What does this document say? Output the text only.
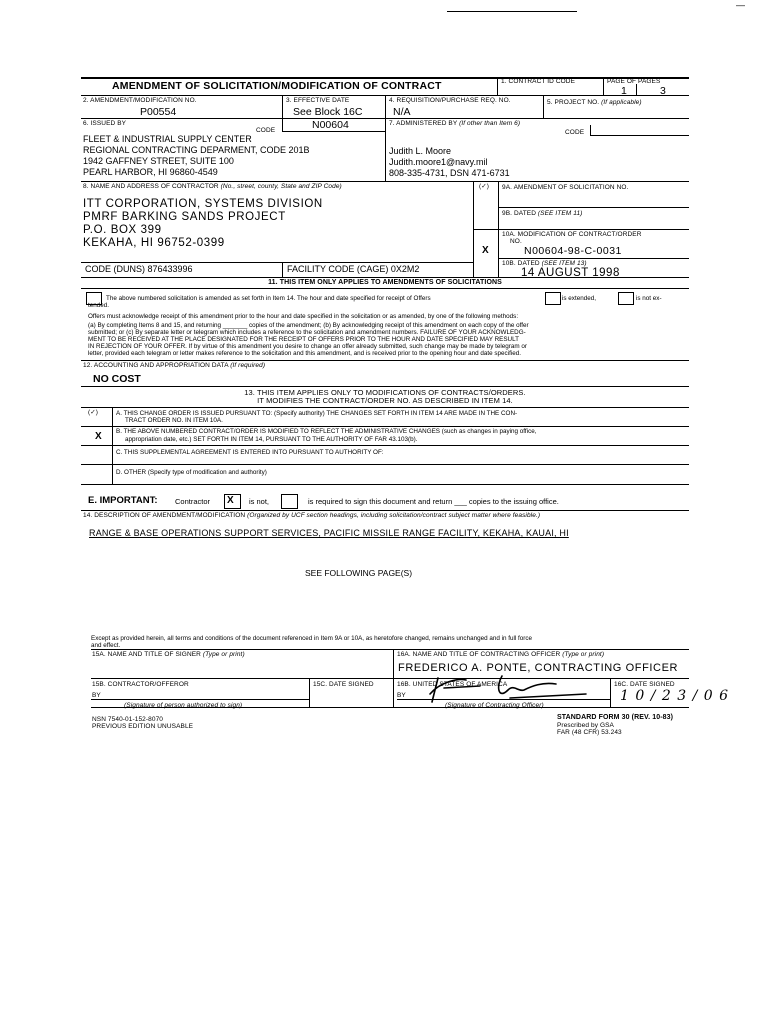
—
AMENDMENT OF SOLICITATION/MODIFICATION OF CONTRACT	1. CONTRACT ID CODE	PAGE OF PAGES
1	3
2. AMENDMENT/MODIFICATION NO.
P00554
3. EFFECTIVE DATE
See Block 16C
4. REQUISITION/PURCHASE REQ. NO.
N/A
5. PROJECT NO. (If applicable)
6. ISSUED BY
CODE	N00604
FLEET & INDUSTRIAL SUPPLY CENTER
REGIONAL CONTRACTING DEPARMENT, CODE 201B
1942 GAFFNEY STREET, SUITE 100
PEARL HARBOR, HI 96860-4549
7. ADMINISTERED BY (If other than Item 6)
CODE
Judith L. Moore
Judith.moore1@navy.mil
808-335-4731, DSN 471-6731
8. NAME AND ADDRESS OF CONTRACTOR (No., street, county, State and ZIP Code)	(✓) 9A. AMENDMENT OF SOLICITATION NO.
ITT CORPORATION, SYSTEMS DIVISION
PMRF BARKING SANDS PROJECT
P.O. BOX 399
KEKAHA, HI 96752-0399
9B. DATED (SEE ITEM 11)
10A. MODIFICATION OF CONTRACT/ORDER
NO.
X	N00604-98-C-0031
10B. DATED (SEE ITEM 13)
14 AUGUST 1998
CODE (DUNS) 876433996	FACILITY CODE (CAGE) 0X2M2
11. THIS ITEM ONLY APPLIES TO AMENDMENTS OF SOLICITATIONS
The above numbered solicitation is amended as set forth in Item 14. The hour and date specified for receipt of Offers	is extended,	is not ex-
tended.
Offers must acknowledge receipt of this amendment prior to the hour and date specified in the solicitation or as amended, by one of the following methods:
(a) By completing Items 8 and 15, and returning _______ copies of the amendment; (b) By acknowledging receipt of this amendment on each copy of the offer
submitted; or (c) By separate letter or telegram which includes a reference to the solicitation and amendment numbers. FAILURE OF YOUR ACKNOWLEDG-
MENT TO BE RECEIVED AT THE PLACE DESIGNATED FOR THE RECEIPT OF OFFERS PRIOR TO THE HOUR AND DATE SPECIFIED MAY RESULT
IN REJECTION OF YOUR OFFER. If by virtue of this amendment you desire to change an offer already submitted, such change may be made by telegram or
letter, provided each telegram or letter makes reference to the solicitation and this amendment, and is received prior to the opening hour and date specified.
12. ACCOUNTING AND APPROPRIATION DATA (If required)
NO COST
13. THIS ITEM APPLIES ONLY TO MODIFICATIONS OF CONTRACTS/ORDERS.
IT MODIFIES THE CONTRACT/ORDER NO. AS DESCRIBED IN ITEM 14.
(✓)	A. THIS CHANGE ORDER IS ISSUED PURSUANT TO: (Specify authority) THE CHANGES SET FORTH IN ITEM 14 ARE MADE IN THE CON-
TRACT ORDER NO. IN ITEM 10A.
B. THE ABOVE NUMBERED CONTRACT/ORDER IS MODIFIED TO REFLECT THE ADMINISTRATIVE CHANGES (such as changes in paying office,
appropriation date, etc.) SET FORTH IN ITEM 14, PURSUANT TO THE AUTHORITY OF FAR 43.103(b).
X
C. THIS SUPPLEMENTAL AGREEMENT IS ENTERED INTO PURSUANT TO AUTHORITY OF:
D. OTHER (Specify type of modification and authority)
E. IMPORTANT: Contractor X is not,	is required to sign this document and return ___ copies to the issuing office.
14. DESCRIPTION OF AMENDMENT/MODIFICATION (Organized by UCF section headings, including solicitation/contract subject matter where feasible.)
RANGE & BASE OPERATIONS SUPPORT SERVICES, PACIFIC MISSILE RANGE FACILITY, KEKAHA, KAUAI, HI
SEE FOLLOWING PAGE(S)
Except as provided herein, all terms and conditions of the document referenced in Item 9A or 10A, as heretofore changed, remains unchanged and in full force
and effect.
15A. NAME AND TITLE OF SIGNER (Type or print)	16A. NAME AND TITLE OF CONTRACTING OFFICER (Type or print)
FREDERICO A. PONTE, CONTRACTING OFFICER
15B. CONTRACTOR/OFFEROR	15C. DATE SIGNED	16B. UNITED STATES OF AMERICA	16C. DATE SIGNED
BY
(Signature of person authorized to sign)
BY
(Signature of Contracting Officer)
1 0 / 2 3 / 0 6
NSN 7540-01-152-8070
PREVIOUS EDITION UNUSABLE
STANDARD FORM 30 (REV. 10-83)
Prescribed by GSA
FAR (48 CFR) 53.243
